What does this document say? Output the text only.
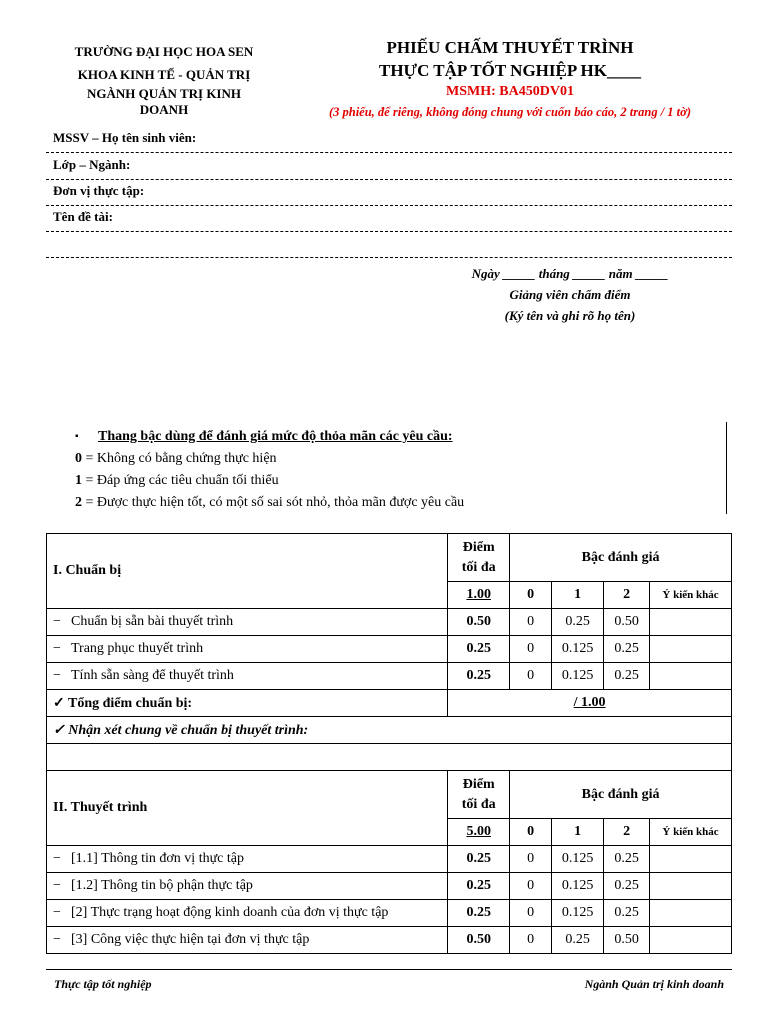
TRƯỜNG ĐẠI HỌC HOA SEN
KHOA KINH TẾ - QUẢN TRỊ
NGÀNH QUẢN TRỊ KINH DOANH
PHIẾU CHẤM THUYẾT TRÌNH
THỰC TẬP TỐT NGHIỆP HK____
MSMH: BA450DV01
(3 phiếu, để riêng, không đóng chung với cuốn báo cáo, 2 trang / 1 tờ)
MSSV – Họ tên sinh viên:
Lớp – Ngành:
Đơn vị thực tập:
Tên đề tài:
Ngày _____ tháng _____ năm _____
Giảng viên chấm điểm
(Ký tên và ghi rõ họ tên)
▪ Thang bậc dùng để đánh giá mức độ thỏa mãn các yêu cầu:
0 = Không có bằng chứng thực hiện
1 = Đáp ứng các tiêu chuẩn tối thiểu
2 = Được thực hiện tốt, có một số sai sót nhỏ, thỏa mãn được yêu cầu
I. Chuẩn bị	Điểm tối đa	Bậc đánh giá			
	1.00	0	1	2	Ý kiến khác
− Chuẩn bị sẵn bài thuyết trình	0.50	0	0.25	0.50	
− Trang phục thuyết trình	0.25	0	0.125	0.25	
− Tính sẵn sàng để thuyết trình	0.25	0	0.125	0.25	
✓ Tổng điểm chuẩn bị:	/ 1.00				
✓ Nhận xét chung về chuẩn bị thuyết trình:					

II. Thuyết trình	Điểm tối đa	Bậc đánh giá			
	5.00	0	1	2	Ý kiến khác
− [1.1] Thông tin đơn vị thực tập	0.25	0	0.125	0.25	
− [1.2] Thông tin bộ phận thực tập	0.25	0	0.125	0.25	
− [2] Thực trạng hoạt động kinh doanh của đơn vị thực tập	0.25	0	0.125	0.25	
− [3] Công việc thực hiện tại đơn vị thực tập	0.50	0	0.25	0.50	
Thực tập tốt nghiệp	Ngành Quản trị kinh doanh
